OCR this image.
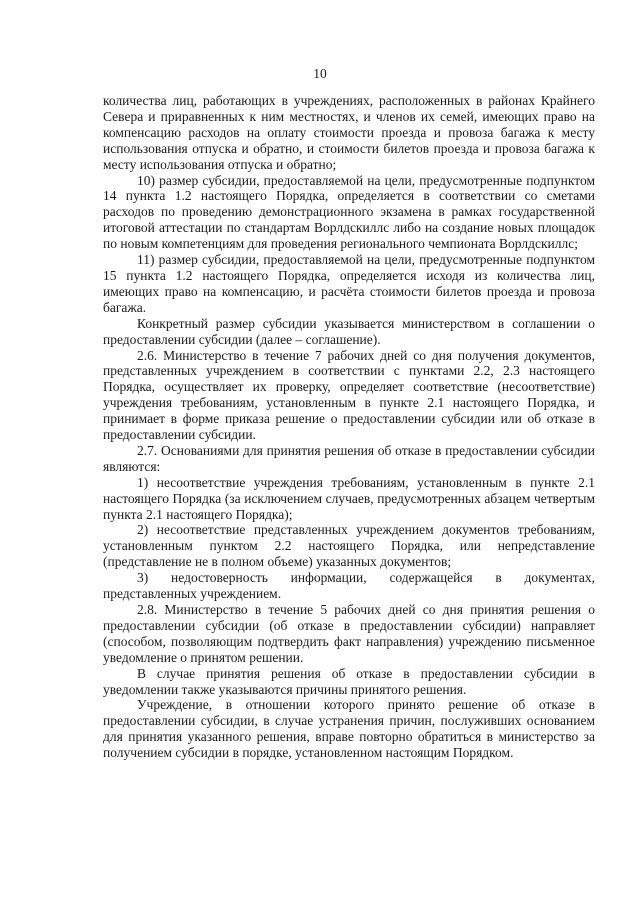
10

количества лиц, работающих в учреждениях, расположенных в районах Крайнего Севера и приравненных к ним местностях, и членов их семей, имеющих право на компенсацию расходов на оплату стоимости проезда и провоза багажа к месту использования отпуска и обратно, и стоимости билетов проезда и провоза багажа к месту использования отпуска и обратно;

10) размер субсидии, предоставляемой на цели, предусмотренные подпунктом 14 пункта 1.2 настоящего Порядка, определяется в соответствии со сметами расходов по проведению демонстрационного экзамена в рамках государственной итоговой аттестации по стандартам Ворлдскиллс либо на создание новых площадок по новым компетенциям для проведения регионального чемпионата Ворлдскиллс;

11) размер субсидии, предоставляемой на цели, предусмотренные подпунктом 15 пункта 1.2 настоящего Порядка, определяется исходя из количества лиц, имеющих право на компенсацию, и расчёта стоимости билетов проезда и провоза багажа.

Конкретный размер субсидии указывается министерством в соглашении о предоставлении субсидии (далее – соглашение).

2.6. Министерство в течение 7 рабочих дней со дня получения документов, представленных учреждением в соответствии с пунктами 2.2, 2.3 настоящего Порядка, осуществляет их проверку, определяет соответствие (несоответствие) учреждения требованиям, установленным в пункте 2.1 настоящего Порядка, и принимает в форме приказа решение о предоставлении субсидии или об отказе в предоставлении субсидии.

2.7. Основаниями для принятия решения об отказе в предоставлении субсидии являются:

1) несоответствие учреждения требованиям, установленным в пункте 2.1 настоящего Порядка (за исключением случаев, предусмотренных абзацем четвертым пункта 2.1 настоящего Порядка);

2) несоответствие представленных учреждением документов требованиям, установленным пунктом 2.2 настоящего Порядка, или непредставление (представление не в полном объеме) указанных документов;

3) недостоверность информации, содержащейся в документах, представленных учреждением.

2.8. Министерство в течение 5 рабочих дней со дня принятия решения о предоставлении субсидии (об отказе в предоставлении субсидии) направляет (способом, позволяющим подтвердить факт направления) учреждению письменное уведомление о принятом решении.

В случае принятия решения об отказе в предоставлении субсидии в уведомлении также указываются причины принятого решения.

Учреждение, в отношении которого принято решение об отказе в предоставлении субсидии, в случае устранения причин, послуживших основанием для принятия указанного решения, вправе повторно обратиться в министерство за получением субсидии в порядке, установленном настоящим Порядком.
